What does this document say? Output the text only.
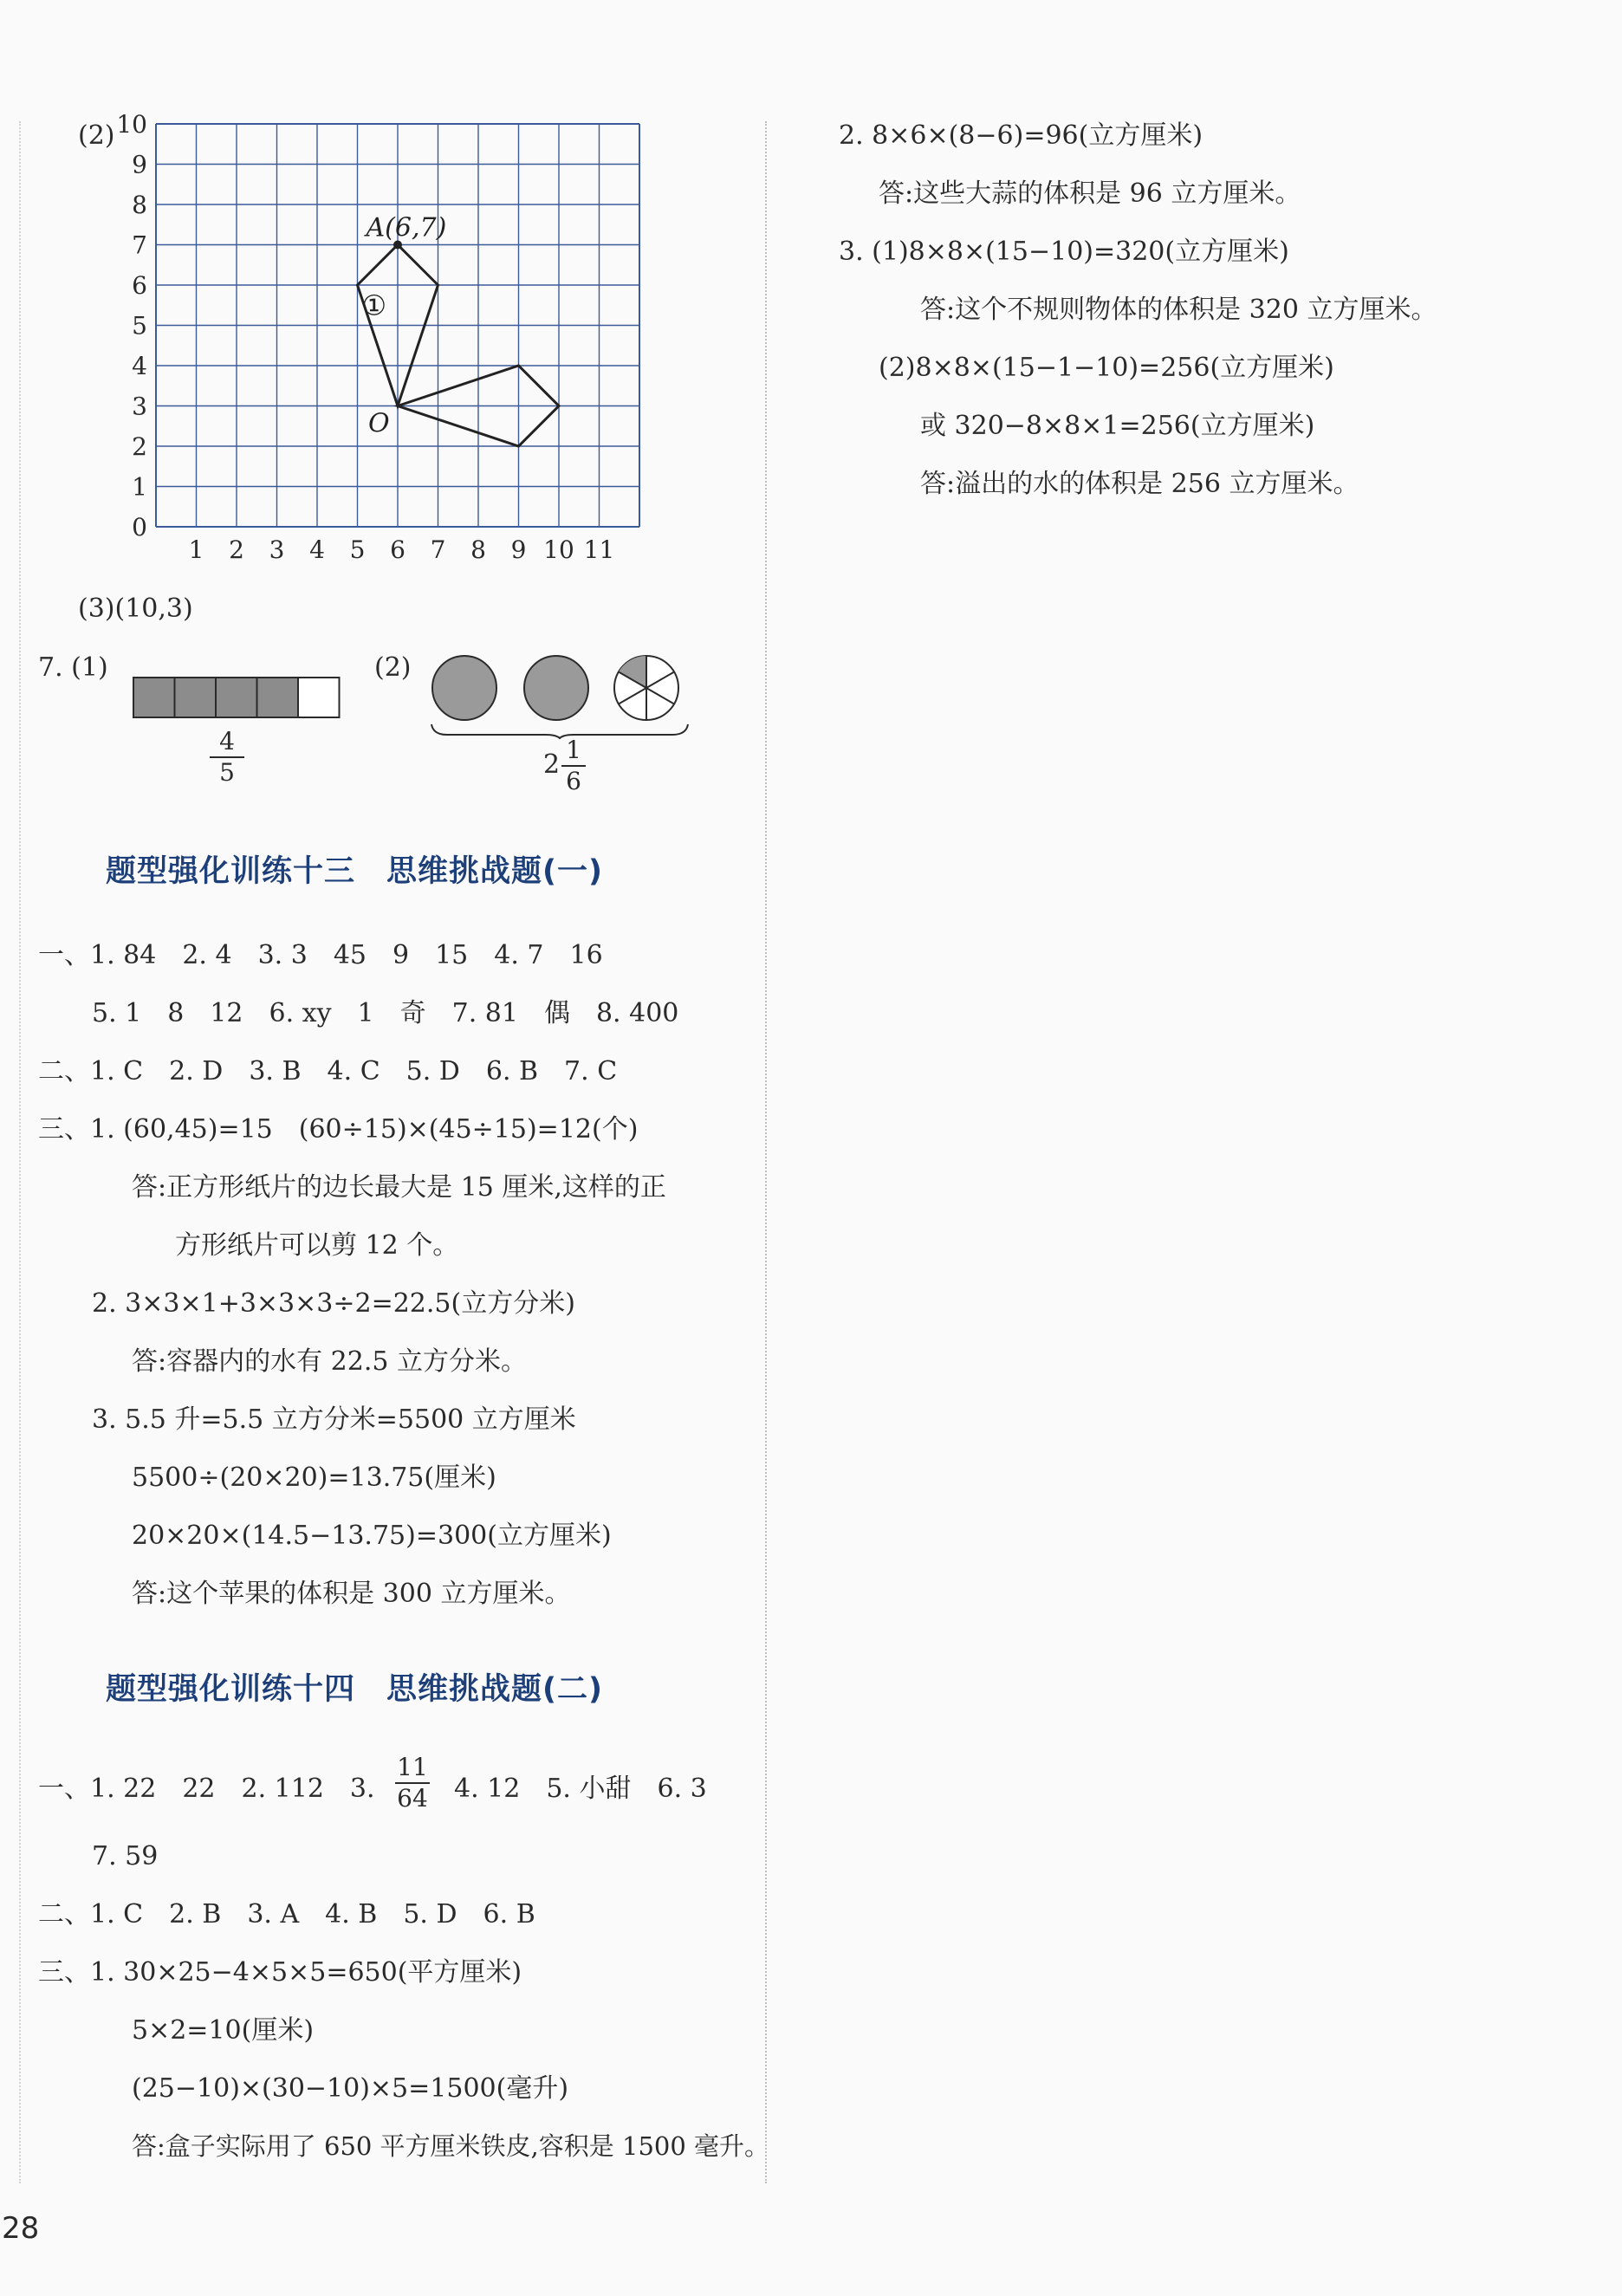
(2)
0
1
2
3
4
5
6
7
8
9
10
1 2 3 4 5 6 7 8 9 10 11
A(6,7)
O
①
(3)(10,3)
7. (1)
4
5
(2)
2 1
6
题型强化训练十三　思维挑战题(一)
一、1. 84　2. 4　3. 3　45　9　15　4. 7　16
5. 1　8　12　6. xy　1　奇　7. 81　偶　8. 400
二、1. C　2. D　3. B　4. C　5. D　6. B　7. C
三、1. (60,45)=15　(60÷15)×(45÷15)=12(个)
答:正方形纸片的边长最大是 15 厘米,这样的正
方形纸片可以剪 12 个。
2. 3×3×1+3×3×3÷2=22.5(立方分米)
答:容器内的水有 22.5 立方分米。
3. 5.5 升=5.5 立方分米=5500 立方厘米
5500÷(20×20)=13.75(厘米)
20×20×(14.5−13.75)=300(立方厘米)
答:这个苹果的体积是 300 立方厘米。
题型强化训练十四　思维挑战题(二)
一、1. 22　22　2. 112　3.
11
64 4. 12　5. 小甜　6. 3
7. 59
二、1. C　2. B　3. A　4. B　5. D　6. B
三、1. 30×25−4×5×5=650(平方厘米)
5×2=10(厘米)
(25−10)×(30−10)×5=1500(毫升)
答:盒子实际用了 650 平方厘米铁皮,容积是 1500 毫升。
2. 8×6×(8−6)=96(立方厘米)
答:这些大蒜的体积是 96 立方厘米。
3. (1)8×8×(15−10)=320(立方厘米)
答:这个不规则物体的体积是 320 立方厘米。
(2)8×8×(15−1−10)=256(立方厘米)
或 320−8×8×1=256(立方厘米)
答:溢出的水的体积是 256 立方厘米。
28
